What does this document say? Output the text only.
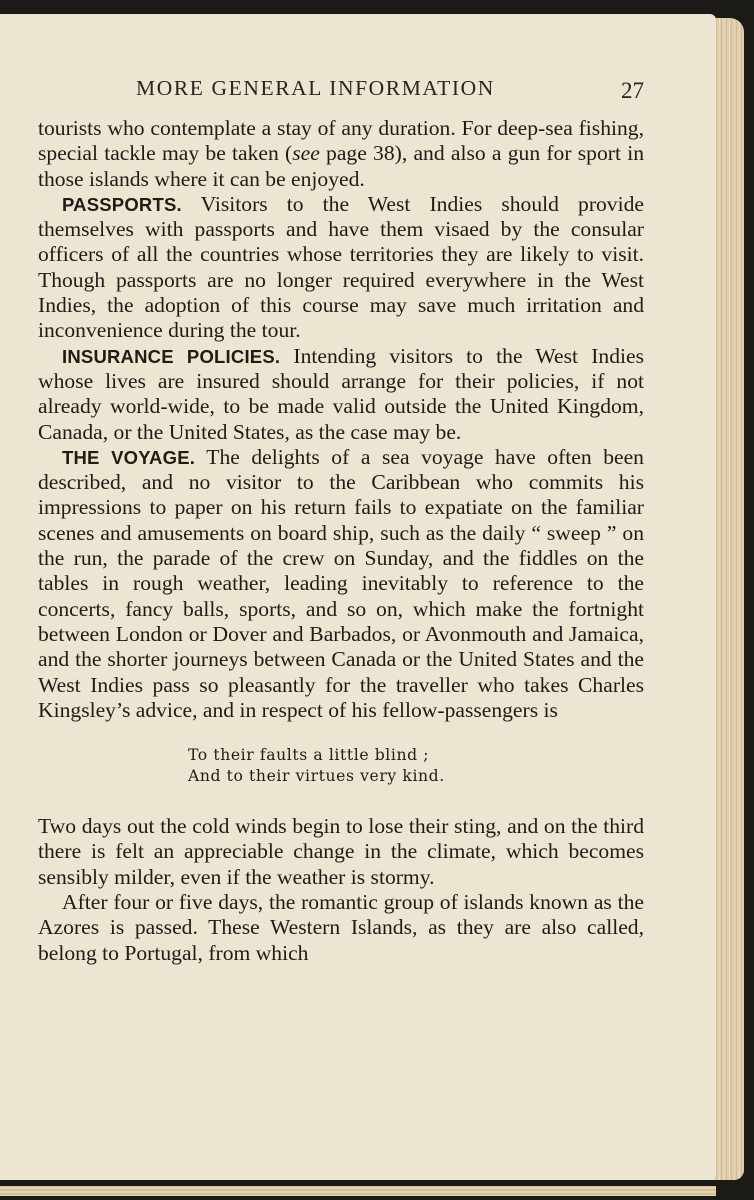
MORE GENERAL INFORMATION	27

tourists who contemplate a stay of any duration. For deep-sea fishing, special tackle may be taken (see page 38), and also a gun for sport in those islands where it can be enjoyed.

PASSPORTS. Visitors to the West Indies should provide themselves with passports and have them visaed by the consular officers of all the countries whose territories they are likely to visit. Though passports are no longer required everywhere in the West Indies, the adoption of this course may save much irritation and inconvenience during the tour.

INSURANCE POLICIES. Intending visitors to the West Indies whose lives are insured should arrange for their policies, if not already world-wide, to be made valid outside the United Kingdom, Canada, or the United States, as the case may be.

THE VOYAGE. The delights of a sea voyage have often been described, and no visitor to the Caribbean who commits his impressions to paper on his return fails to expatiate on the familiar scenes and amusements on board ship, such as the daily “ sweep ” on the run, the parade of the crew on Sunday, and the fiddles on the tables in rough weather, leading inevitably to reference to the concerts, fancy balls, sports, and so on, which make the fortnight between London or Dover and Barbados, or Avonmouth and Jamaica, and the shorter journeys between Canada or the United States and the West Indies pass so pleasantly for the traveller who takes Charles Kingsley’s advice, and in respect of his fellow-passengers is

To their faults a little blind ;
And to their virtues very kind.

Two days out the cold winds begin to lose their sting, and on the third there is felt an appreciable change in the climate, which becomes sensibly milder, even if the weather is stormy.

After four or five days, the romantic group of islands known as the Azores is passed. These Western Islands, as they are also called, belong to Portugal, from which
